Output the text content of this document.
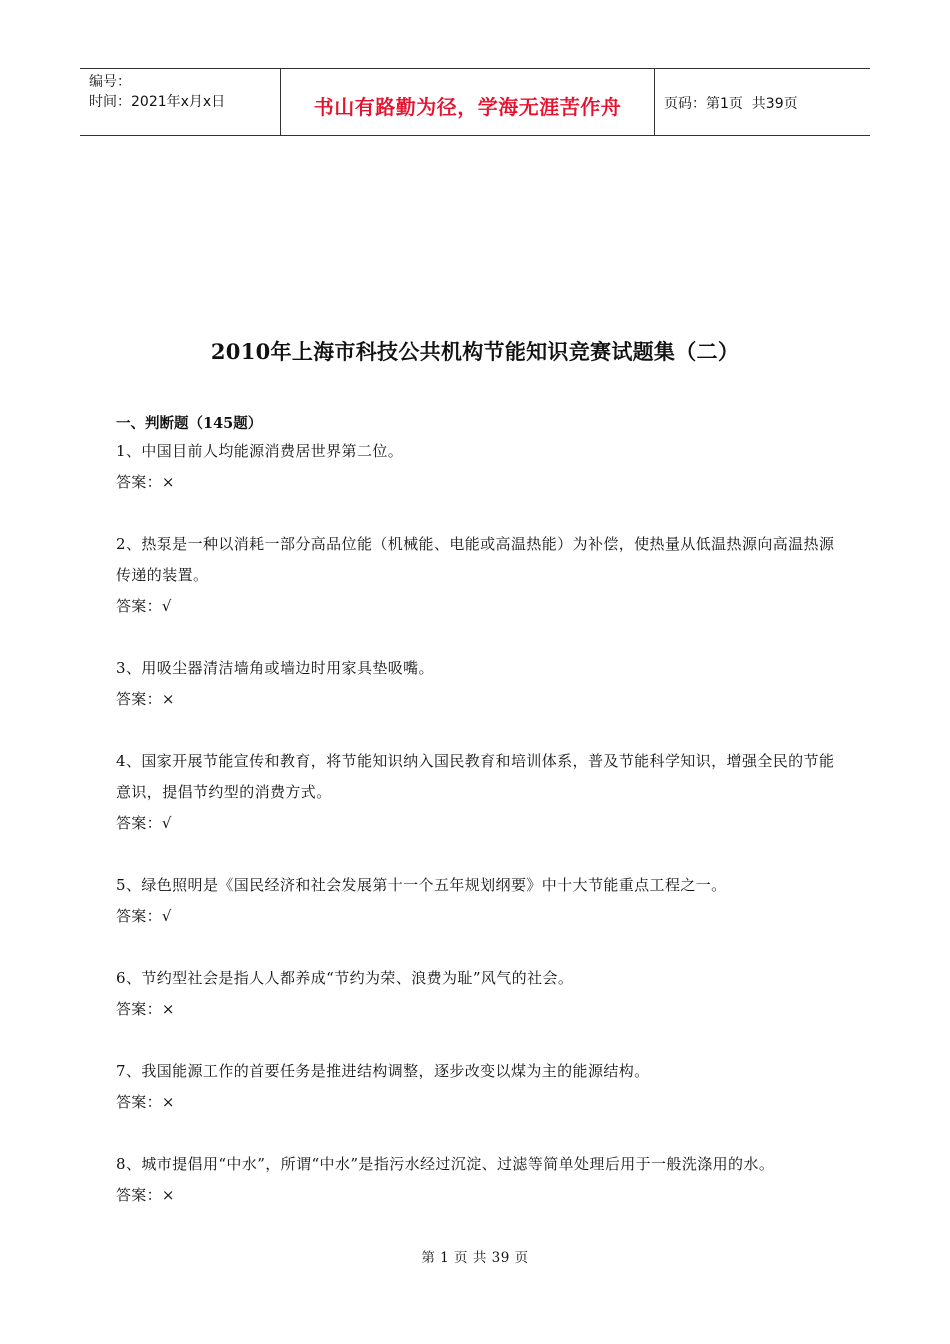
编号：
时间：2021年x月x日	书山有路勤为径，学海无涯苦作舟	页码：第1页  共39页
2010年上海市科技公共机构节能知识竞赛试题集（二）
一、判断题（145题）
1、中国目前人均能源消费居世界第二位。
答案：×
2、热泵是一种以消耗一部分高品位能（机械能、电能或高温热能）为补偿，使热量从低温热源向高温热源传递的装置。
答案：√
3、用吸尘器清洁墙角或墙边时用家具垫吸嘴。
答案：×
4、国家开展节能宣传和教育，将节能知识纳入国民教育和培训体系，普及节能科学知识，增强全民的节能意识，提倡节约型的消费方式。
答案：√
5、绿色照明是《国民经济和社会发展第十一个五年规划纲要》中十大节能重点工程之一。
答案：√
6、节约型社会是指人人都养成“节约为荣、浪费为耻”风气的社会。
答案：×
7、我国能源工作的首要任务是推进结构调整，逐步改变以煤为主的能源结构。
答案：×
8、城市提倡用“中水”，所谓“中水”是指污水经过沉淀、过滤等简单处理后用于一般洗涤用的水。
答案：×
第 1 页 共 39 页
